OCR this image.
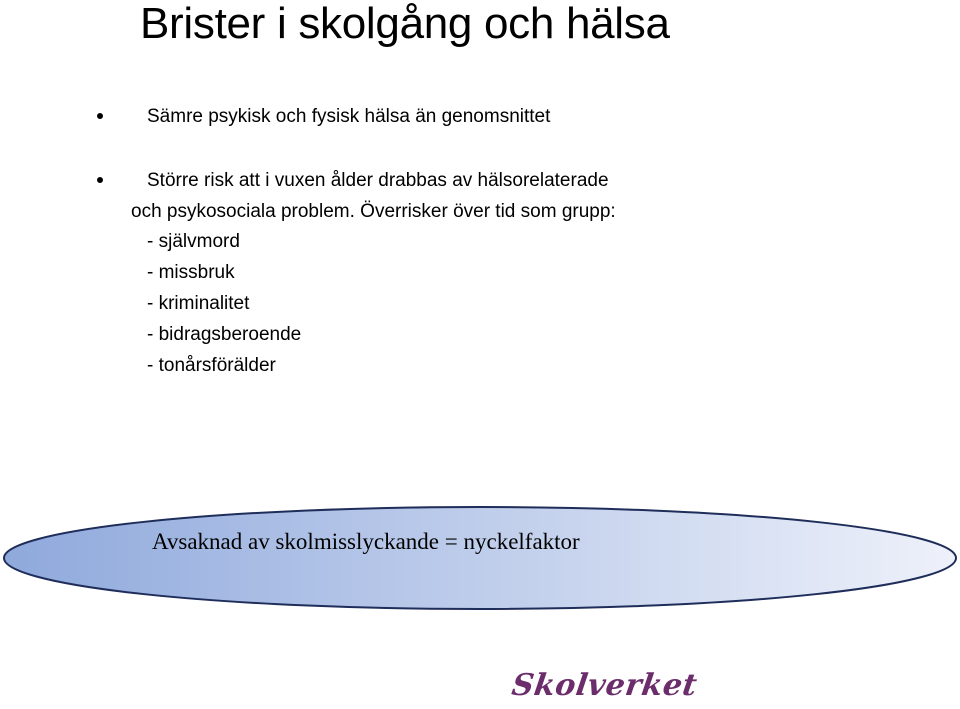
Brister i skolgång och hälsa
Sämre psykisk och fysisk hälsa än genomsnittet
Större risk att i vuxen ålder drabbas av hälsorelaterade
och psykosociala problem. Överrisker över tid som grupp:
- självmord
- missbruk
- kriminalitet
- bidragsberoende
- tonårsförälder
Avsaknad av skolmisslyckande = nyckelfaktor
Skolverket
